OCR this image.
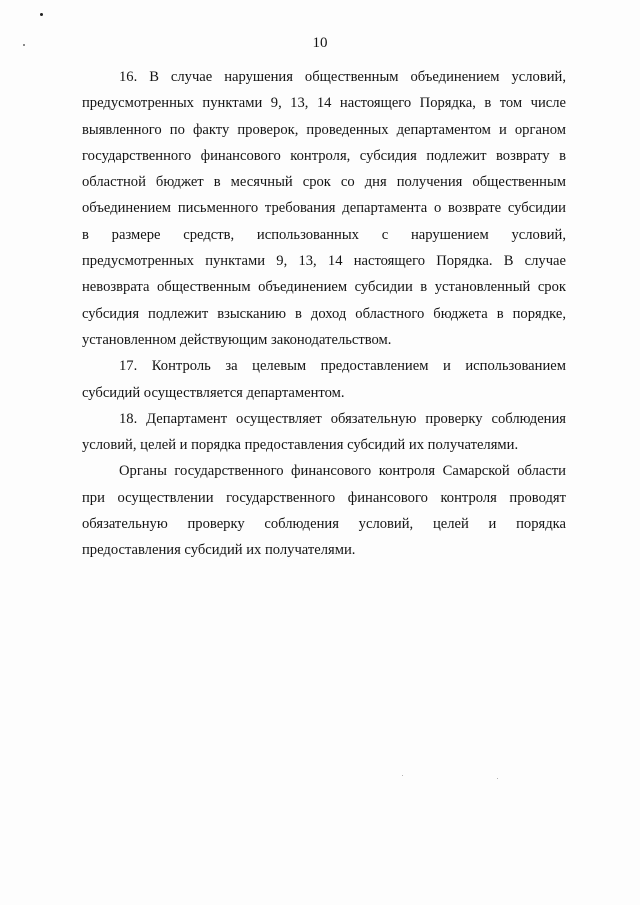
10
16. В случае нарушения общественным объединением условий,
предусмотренных пунктами 9, 13, 14 настоящего Порядка, в том числе
выявленного по факту проверок, проведенных департаментом и органом
государственного финансового контроля, субсидия подлежит возврату в
областной бюджет в месячный срок со дня получения общественным
объединением письменного требования департамента о возврате субсидии
в размере средств, использованных с нарушением условий,
предусмотренных пунктами 9, 13, 14 настоящего Порядка. В случае
невозврата общественным объединением субсидии в установленный срок
субсидия подлежит взысканию в доход областного бюджета в порядке,
установленном действующим законодательством.
17. Контроль за целевым предоставлением и использованием
субсидий осуществляется департаментом.
18. Департамент осуществляет обязательную проверку соблюдения
условий, целей и порядка предоставления субсидий их получателями.
Органы государственного финансового контроля Самарской области
при осуществлении государственного финансового контроля проводят
обязательную проверку соблюдения условий, целей и порядка
предоставления субсидий их получателями.
